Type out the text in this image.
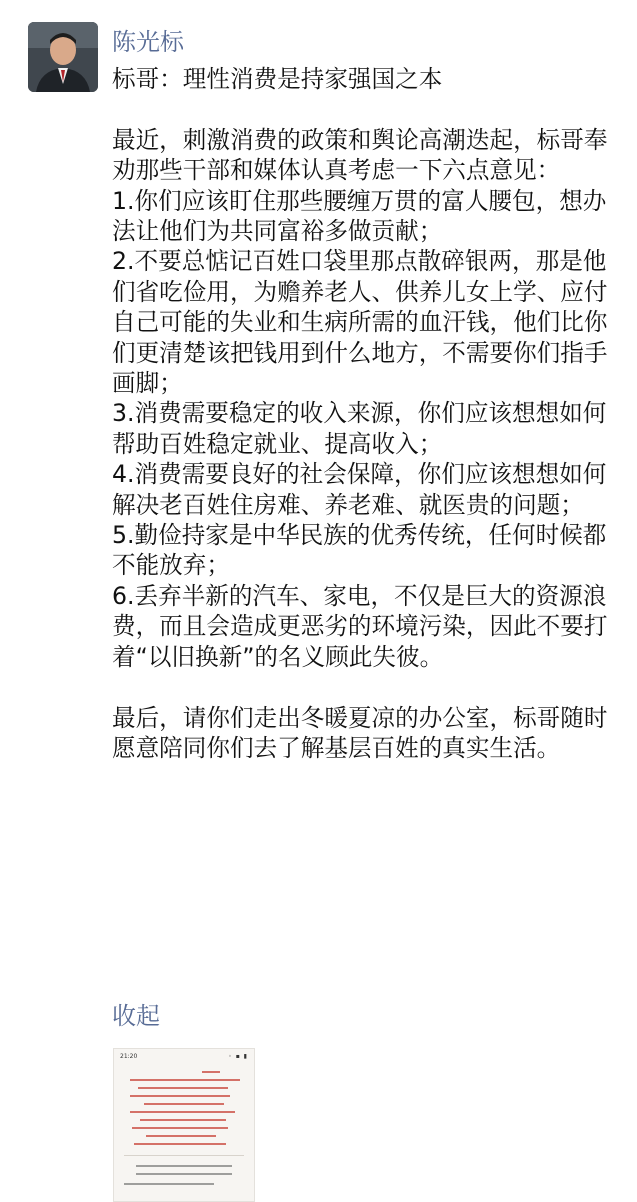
陈光标
标哥：理性消费是持家强国之本
最近，刺激消费的政策和舆论高潮迭起，标哥奉劝那些干部和媒体认真考虑一下六点意见：
1.你们应该盯住那些腰缠万贯的富人腰包，想办法让他们为共同富裕多做贡献；
2.不要总惦记百姓口袋里那点散碎银两，那是他们省吃俭用，为赡养老人、供养儿女上学、应付自己可能的失业和生病所需的血汗钱，他们比你们更清楚该把钱用到什么地方，不需要你们指手画脚；
3.消费需要稳定的收入来源，你们应该想想如何帮助百姓稳定就业、提高收入；
4.消费需要良好的社会保障，你们应该想想如何解决老百姓住房难、养老难、就医贵的问题；
5.勤俭持家是中华民族的优秀传统，任何时候都不能放弃；
6.丢弃半新的汽车、家电，不仅是巨大的资源浪费，而且会造成更恶劣的环境污染，因此不要打着“以旧换新”的名义顾此失彼。
最后，请你们走出冬暖夏凉的办公室，标哥随时愿意陪同你们去了解基层百姓的真实生活。
收起
21:20	◦ ▪ ▮
